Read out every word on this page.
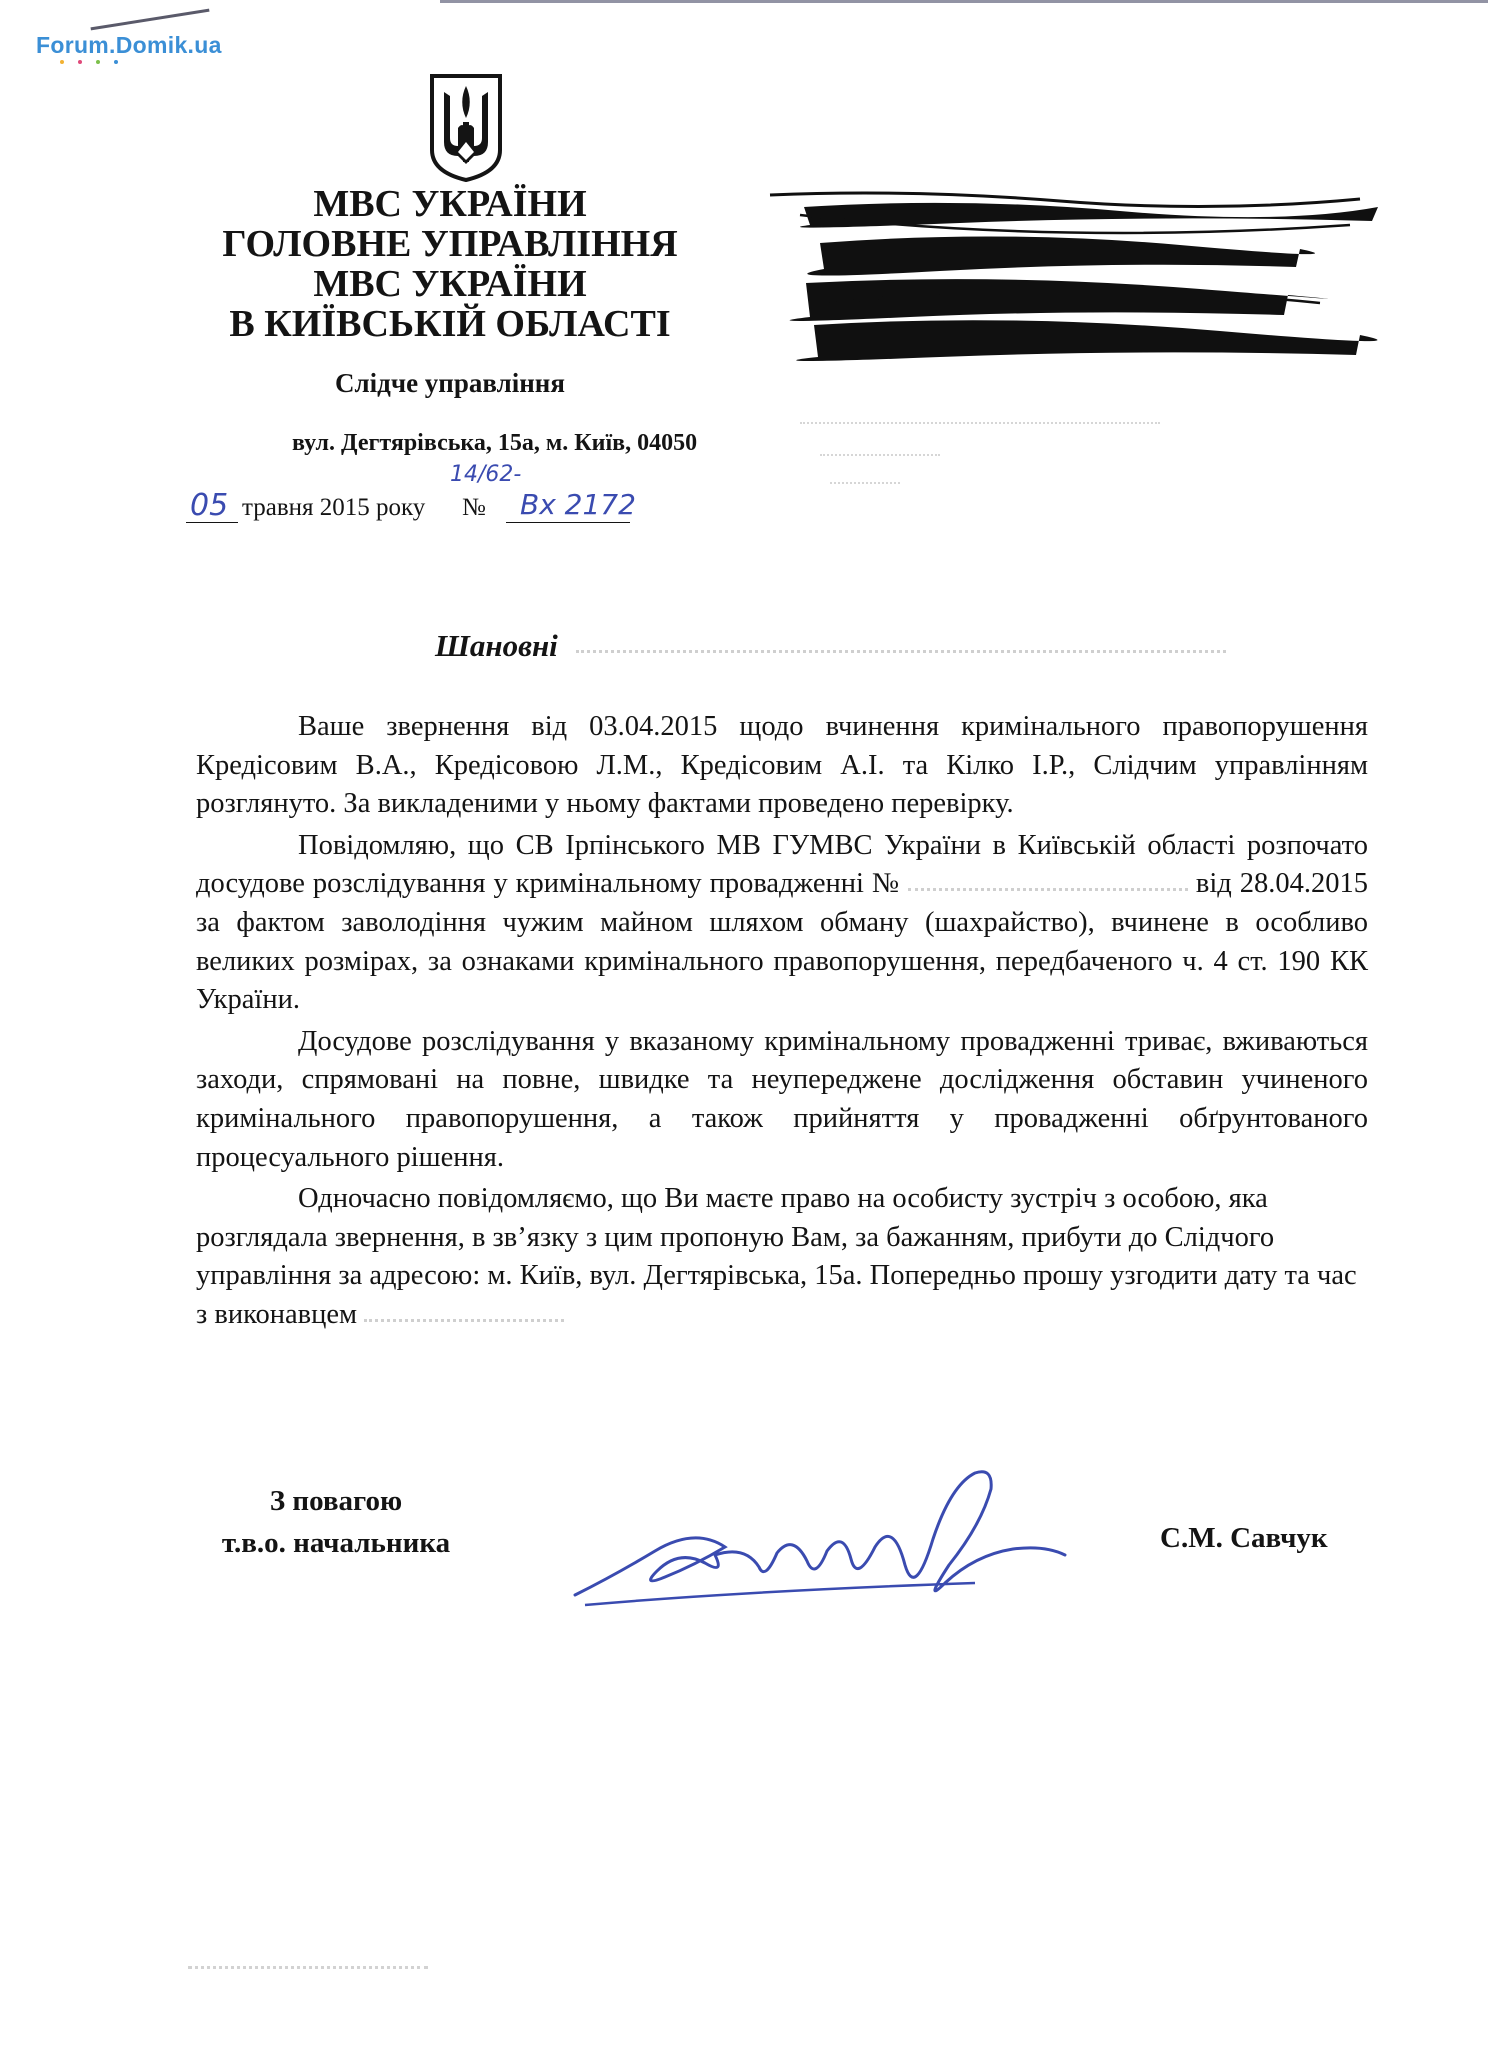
Forum.Domik.ua
МВС УКРАЇНИ
ГОЛОВНЕ УПРАВЛІННЯ
МВС УКРАЇНИ
В КИЇВСЬКІЙ ОБЛАСТІ
Слідче управління
вул. Дегтярівська, 15а, м. Київ, 04050
05 травня 2015 року №
14/62-
Вх 2172
Шановні

Ваше звернення від 03.04.2015 щодо вчинення кримінального правопорушення Кредісовим В.А., Кредісовою Л.М., Кредісовим А.І. та Кілко І.Р., Слідчим управлінням розглянуто. За викладеними у ньому фактами проведено перевірку.

Повідомляю, що СВ Ірпінського МВ ГУМВС України в Київській області розпочато досудове розслідування у кримінальному провадженні №	від 28.04.2015 за фактом заволодіння чужим майном шляхом обману (шахрайство), вчинене в особливо великих розмірах, за ознаками кримінального правопорушення, передбаченого ч. 4 ст. 190 КК України.

Досудове розслідування у вказаному кримінальному провадженні триває, вживаються заходи, спрямовані на повне, швидке та неупереджене дослідження обставин учиненого кримінального правопорушення, а також прийняття у провадженні обґрунтованого процесуального рішення.

Одночасно повідомляємо, що Ви маєте право на особисту зустріч з особою, яка розглядала звернення, в зв’язку з цим пропоную Вам, за бажанням, прибути до Слідчого управління за адресою: м. Київ, вул. Дегтярівська, 15а. Попередньо прошу узгодити дату та час з виконавцем

З повагою
т.в.о. начальника	С.М. Савчук
